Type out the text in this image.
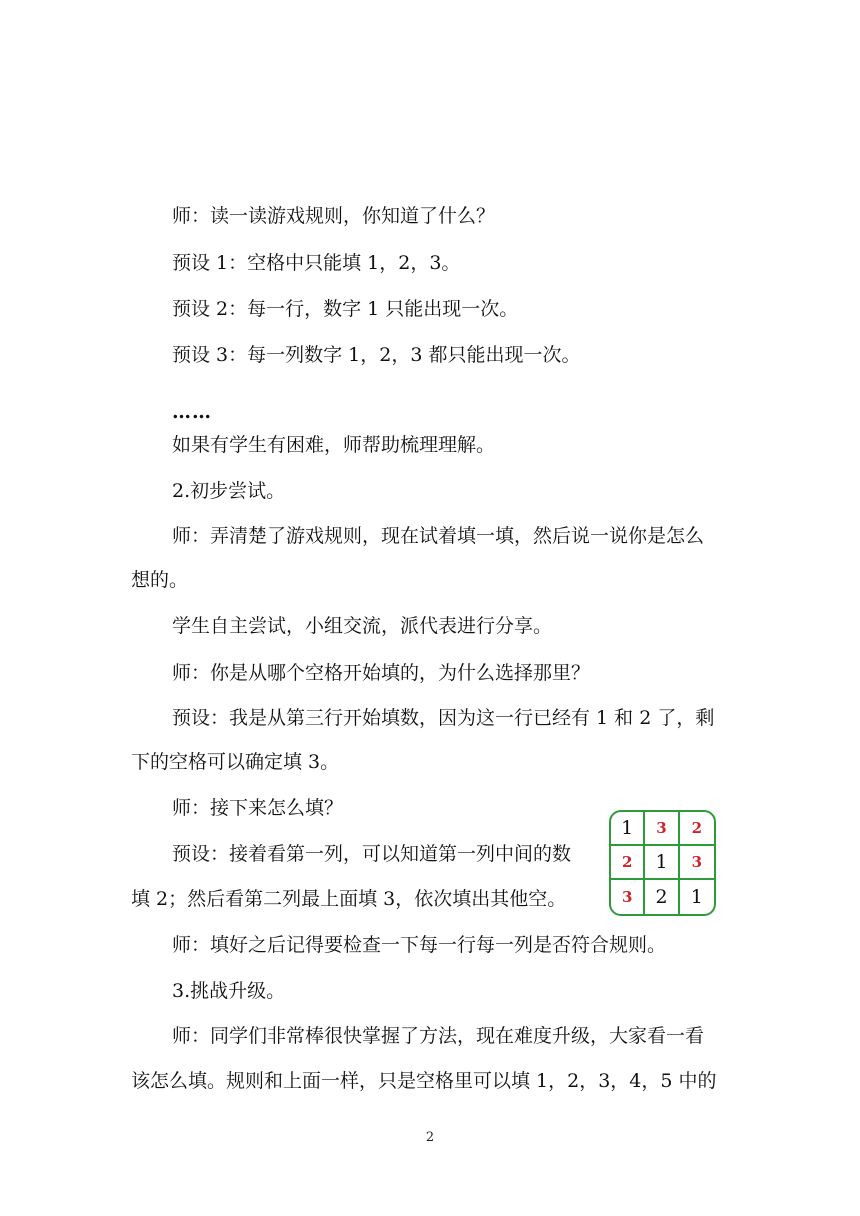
师：读一读游戏规则，你知道了什么？

预设 1：空格中只能填 1，2，3。

预设 2：每一行，数字 1 只能出现一次。

预设 3：每一列数字 1，2，3 都只能出现一次。

……

如果有学生有困难，师帮助梳理理解。

2.初步尝试。

师：弄清楚了游戏规则，现在试着填一填，然后说一说你是怎么

想的。

学生自主尝试，小组交流，派代表进行分享。

师：你是从哪个空格开始填的，为什么选择那里？

预设：我是从第三行开始填数，因为这一行已经有 1 和 2 了，剩

下的空格可以确定填 3。

师：接下来怎么填？

预设：接着看第一列，可以知道第一列中间的数

填 2；然后看第二列最上面填 3，依次填出其他空。

师：填好之后记得要检查一下每一行每一列是否符合规则。

3.挑战升级。

师：同学们非常棒很快掌握了方法，现在难度升级，大家看一看

该怎么填。规则和上面一样，只是空格里可以填 1，2，3，4，5 中的

1	3	2
2	1	3
3	2	1
2
